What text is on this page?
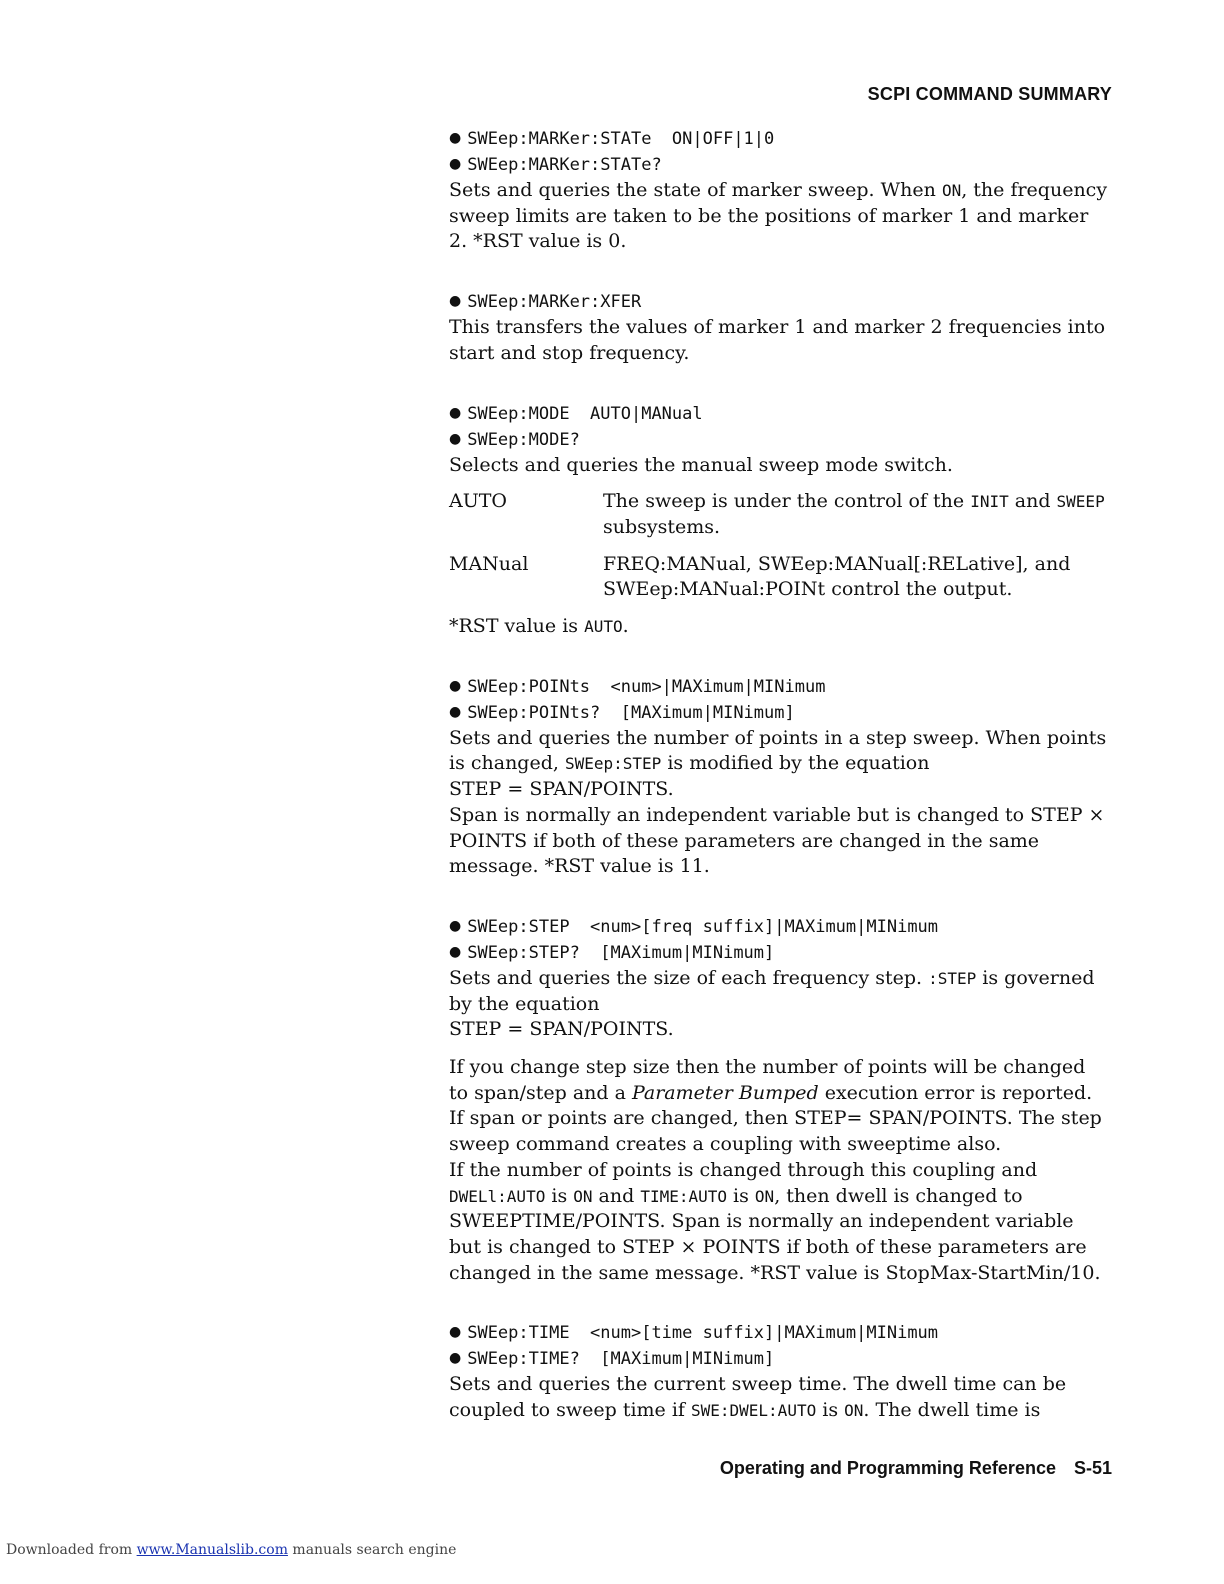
SCPI COMMAND SUMMARY
● SWEep:MARKer:STATe  ON|OFF|1|0
● SWEep:MARKer:STATe?
Sets and queries the state of marker sweep. When ON, the frequency sweep limits are taken to be the positions of marker 1 and marker 2. *RST value is 0.
● SWEep:MARKer:XFER
This transfers the values of marker 1 and marker 2 frequencies into start and stop frequency.
● SWEep:MODE  AUTO|MANual
● SWEep:MODE?
Selects and queries the manual sweep mode switch.
AUTO	The sweep is under the control of the INIT and SWEEP subsystems.
MANual	FREQ:MANual, SWEep:MANual[:RELative], and SWEep:MANual:POINt control the output.
*RST value is AUTO.
● SWEep:POINts  <num>|MAXimum|MINimum
● SWEep:POINts?  [MAXimum|MINimum]
Sets and queries the number of points in a step sweep. When points is changed, SWEep:STEP is modified by the equation
STEP = SPAN/POINTS.
Span is normally an independent variable but is changed to STEP × POINTS if both of these parameters are changed in the same message. *RST value is 11.
● SWEep:STEP  <num>[freq suffix]|MAXimum|MINimum
● SWEep:STEP?  [MAXimum|MINimum]
Sets and queries the size of each frequency step. :STEP is governed by the equation
STEP = SPAN/POINTS.
If you change step size then the number of points will be changed to span/step and a Parameter Bumped execution error is reported. If span or points are changed, then STEP= SPAN/POINTS. The step sweep command creates a coupling with sweeptime also.
If the number of points is changed through this coupling and DWELl:AUTO is ON and TIME:AUTO is ON, then dwell is changed to SWEEPTIME/POINTS. Span is normally an independent variable but is changed to STEP × POINTS if both of these parameters are changed in the same message. *RST value is StopMax-StartMin/10.
● SWEep:TIME  <num>[time suffix]|MAXimum|MINimum
● SWEep:TIME?  [MAXimum|MINimum]
Sets and queries the current sweep time. The dwell time can be coupled to sweep time if SWE:DWEL:AUTO is ON. The dwell time is
Operating and Programming Reference S-51
Downloaded from www.Manualslib.com manuals search engine
